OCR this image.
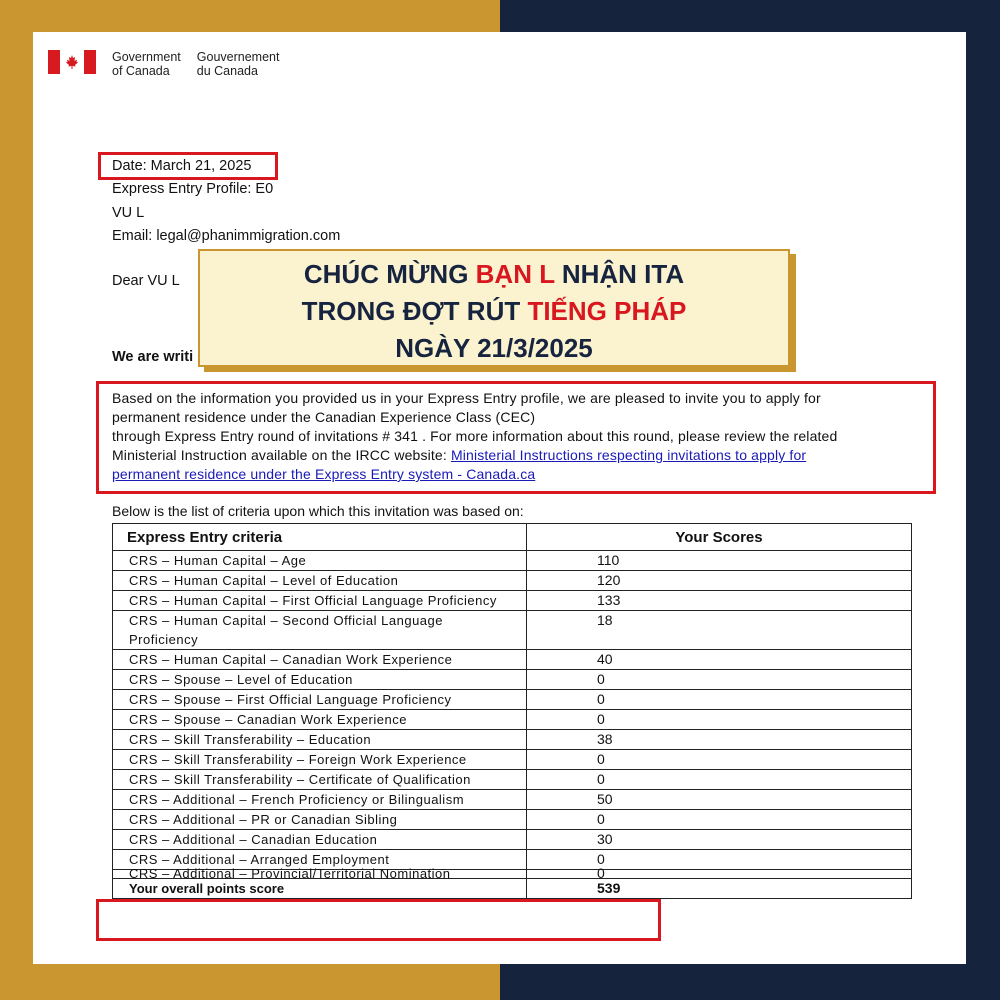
Government
of Canada
Gouvernement
du Canada
Date: March 21, 2025
Express Entry Profile: E0
VU L
Email: legal@phanimmigration.com
Dear VU L
We are writi
CHÚC MỪNG BẠN L NHẬN ITA
TRONG ĐỢT RÚT TIẾNG PHÁP
NGÀY 21/3/2025
Based on the information you provided us in your Express Entry profile, we are pleased to invite you to apply for
permanent residence under the Canadian Experience Class (CEC)
through Express Entry round of invitations # 341 . For more information about this round, please review the related
Ministerial Instruction available on the IRCC website: Ministerial Instructions respecting invitations to apply for
permanent residence under the Express Entry system - Canada.ca
Below is the list of criteria upon which this invitation was based on:
Express Entry criteria	Your Scores
CRS – Human Capital – Age	110
CRS – Human Capital – Level of Education	120
CRS – Human Capital – First Official Language Proficiency	133
CRS – Human Capital – Second Official Language Proficiency	18
CRS – Human Capital – Canadian Work Experience	40
CRS – Spouse – Level of Education	0
CRS – Spouse – First Official Language Proficiency	0
CRS – Spouse – Canadian Work Experience	0
CRS – Skill Transferability – Education	38
CRS – Skill Transferability – Foreign Work Experience	0
CRS – Skill Transferability – Certificate of Qualification	0
CRS – Additional – French Proficiency or Bilingualism	50
CRS – Additional – PR or Canadian Sibling	0
CRS – Additional – Canadian Education	30
CRS – Additional – Arranged Employment	0

CRS – Additional – Provincial/Territorial Nomination	0

Your overall points score	539
